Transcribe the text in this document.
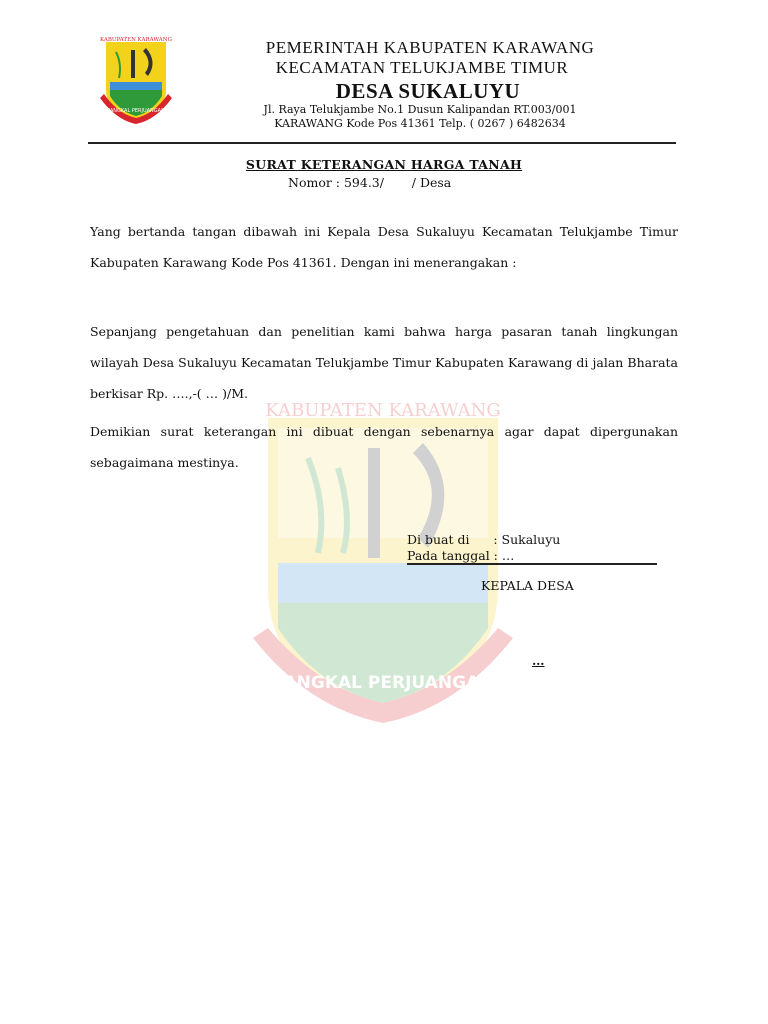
KABUPATEN KARAWANG
PANGKAL PERJUANGAN
KABUPATEN KARAWANG
PANGKAL PERJUANGAN
PEMERINTAH KABUPATEN KARAWANG
KECAMATAN TELUKJAMBE TIMUR
DESA SUKALUYU
Jl. Raya Telukjambe No.1 Dusun Kalipandan RT.003/001
KARAWANG Kode Pos 41361 Telp. ( 0267 ) 6482634
SURAT KETERANGAN HARGA TANAH
Nomor : 594.3/       / Desa
Yang bertanda tangan dibawah ini Kepala Desa Sukaluyu Kecamatan Telukjambe Timur Kabupaten Karawang Kode Pos 41361. Dengan ini menerangakan :
Sepanjang pengetahuan dan penelitian kami bahwa harga pasaran tanah lingkungan wilayah Desa Sukaluyu Kecamatan Telukjambe Timur Kabupaten Karawang di jalan Bharata berkisar Rp. ….,-( … )/M.
Demikian surat keterangan ini dibuat dengan sebenarnya agar dapat dipergunakan sebagaimana mestinya.
Di buat di      : Sukaluyu
Pada tanggal : …
KEPALA DESA
…
